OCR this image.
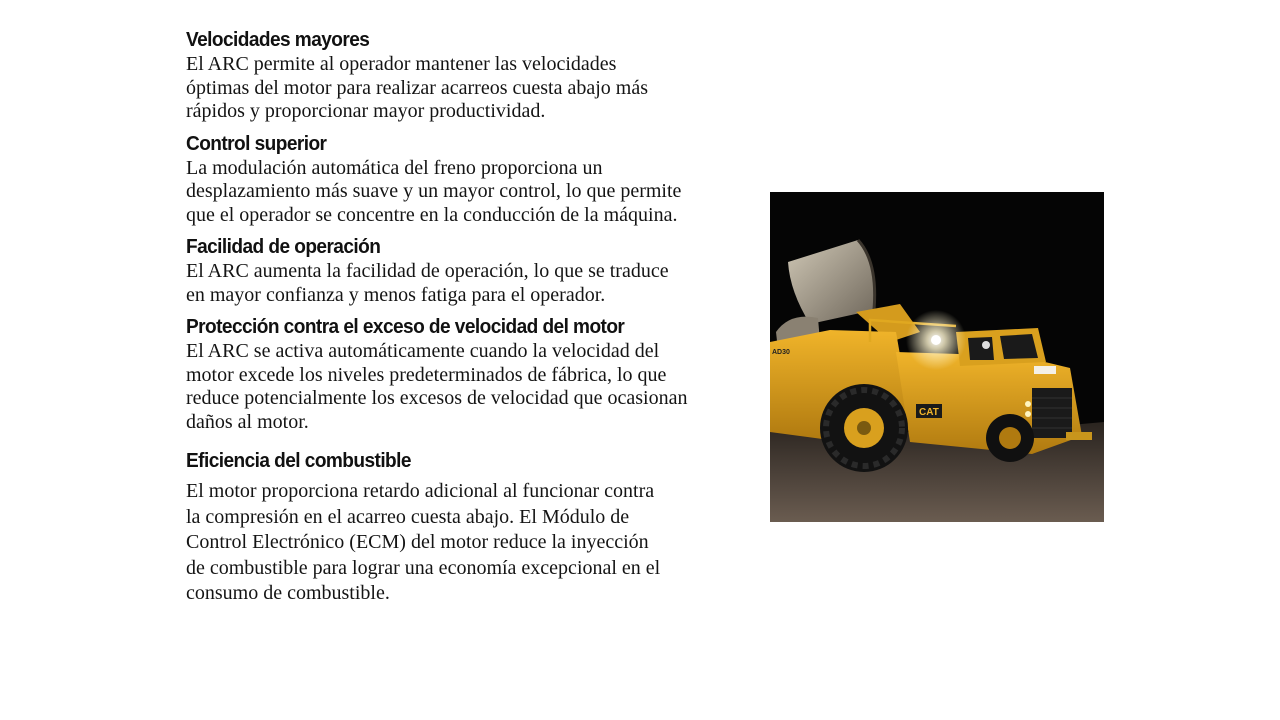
Velocidades mayores

El ARC permite al operador mantener las velocidades
óptimas del motor para realizar acarreos cuesta abajo más
rápidos y proporcionar mayor productividad.

Control superior

La modulación automática del freno proporciona un
desplazamiento más suave y un mayor control, lo que permite
que el operador se concentre en la conducción de la máquina.

Facilidad de operación

El ARC aumenta la facilidad de operación, lo que se traduce
en mayor confianza y menos fatiga para el operador.

Protección contra el exceso de velocidad del motor

El ARC se activa automáticamente cuando la velocidad del
motor excede los niveles predeterminados de fábrica, lo que
reduce potencialmente los excesos de velocidad que ocasionan
daños al motor.

Eficiencia del combustible

El motor proporciona retardo adicional al funcionar contra
la compresión en el acarreo cuesta abajo. El Módulo de
Control Electrónico (ECM) del motor reduce la inyección
de combustible para lograr una economía excepcional en el
consumo de combustible.

AD30
CAT
